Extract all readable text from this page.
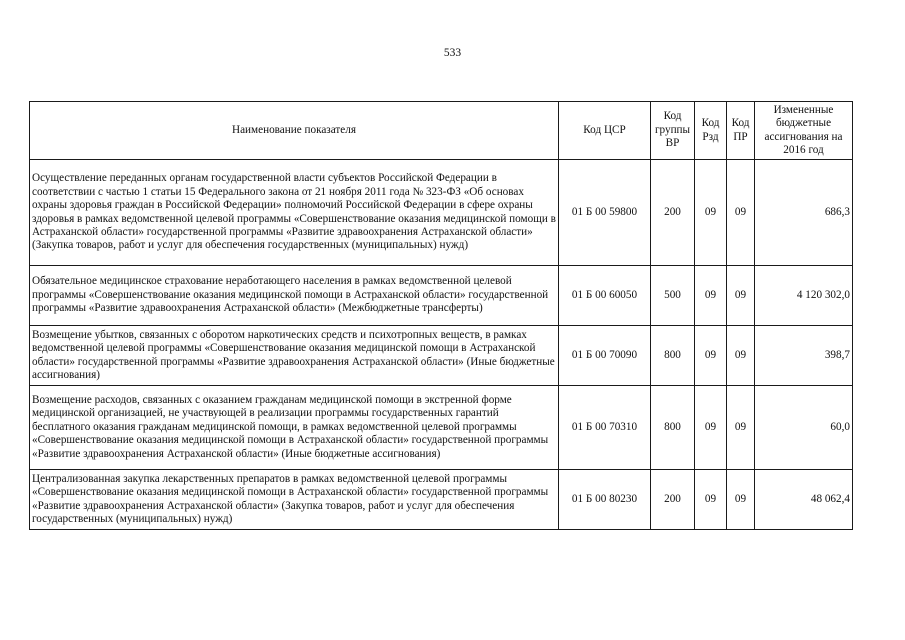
533
Наименование показателя	Код ЦСР	Код группы ВР	Код Рзд	Код ПР	Измененные бюджетные ассигнования на 2016 год
Осуществление переданных органам государственной власти субъектов Российской Федерации в соответствии с частью 1 статьи 15 Федерального закона от 21 ноября 2011 года № 323-ФЗ «Об основах охраны здоровья граждан в Российской Федерации» полномочий Российской Федерации в сфере охраны здоровья в рамках ведомственной целевой программы «Совершенствование оказания медицинской помощи в Астраханской области» государственной программы «Развитие здравоохранения Астраханской области» (Закупка товаров, работ и услуг для обеспечения государственных (муниципальных) нужд)	01 Б 00 59800	200	09	09	686,3
Обязательное медицинское страхование неработающего населения в рамках ведомственной целевой программы «Совершенствование оказания медицинской помощи в Астраханской области» государственной программы «Развитие здравоохранения Астраханской области» (Межбюджетные трансферты)	01 Б 00 60050	500	09	09	4 120 302,0
Возмещение убытков, связанных с оборотом наркотических средств и психотропных веществ, в рамках ведомственной целевой программы «Совершенствование оказания медицинской помощи в Астраханской области» государственной программы «Развитие здравоохранения Астраханской области» (Иные бюджетные ассигнования)	01 Б 00 70090	800	09	09	398,7
Возмещение расходов, связанных с оказанием гражданам медицинской помощи в экстренной форме медицинской организацией, не участвующей в реализации программы государственных гарантий бесплатного оказания гражданам медицинской помощи, в рамках ведомственной целевой программы «Совершенствование оказания медицинской помощи в Астраханской области» государственной программы «Развитие здравоохранения Астраханской области» (Иные бюджетные ассигнования)	01 Б 00 70310	800	09	09	60,0
Централизованная закупка лекарственных препаратов в рамках ведомственной целевой программы «Совершенствование оказания медицинской помощи в Астраханской области» государственной программы «Развитие здравоохранения Астраханской области» (Закупка товаров, работ и услуг для обеспечения государственных (муниципальных) нужд)	01 Б 00 80230	200	09	09	48 062,4
